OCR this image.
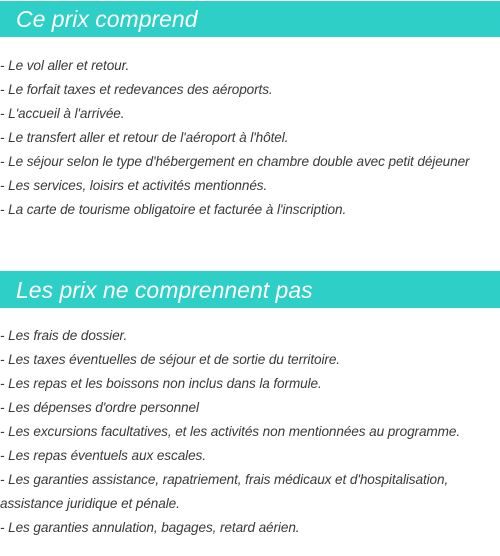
Ce prix comprend
- Le vol aller et retour.
- Le forfait taxes et redevances des aéroports.
- L'accueil à l'arrivée.
- Le transfert aller et retour de l'aéroport à l'hôtel.
- Le séjour selon le type d'hébergement en chambre double avec petit déjeuner
- Les services, loisirs et activités mentionnés.
- La carte de tourisme obligatoire et facturée à l'inscription.
Les prix ne comprennent pas
- Les frais de dossier.
- Les taxes éventuelles de séjour et de sortie du territoire.
- Les repas et les boissons non inclus dans la formule.
- Les dépenses d'ordre personnel
- Les excursions facultatives, et les activités non mentionnées au programme.
- Les repas éventuels aux escales.
- Les garanties assistance, rapatriement, frais médicaux et d'hospitalisation, assistance juridique et pénale.
- Les garanties annulation, bagages, retard aérien.
